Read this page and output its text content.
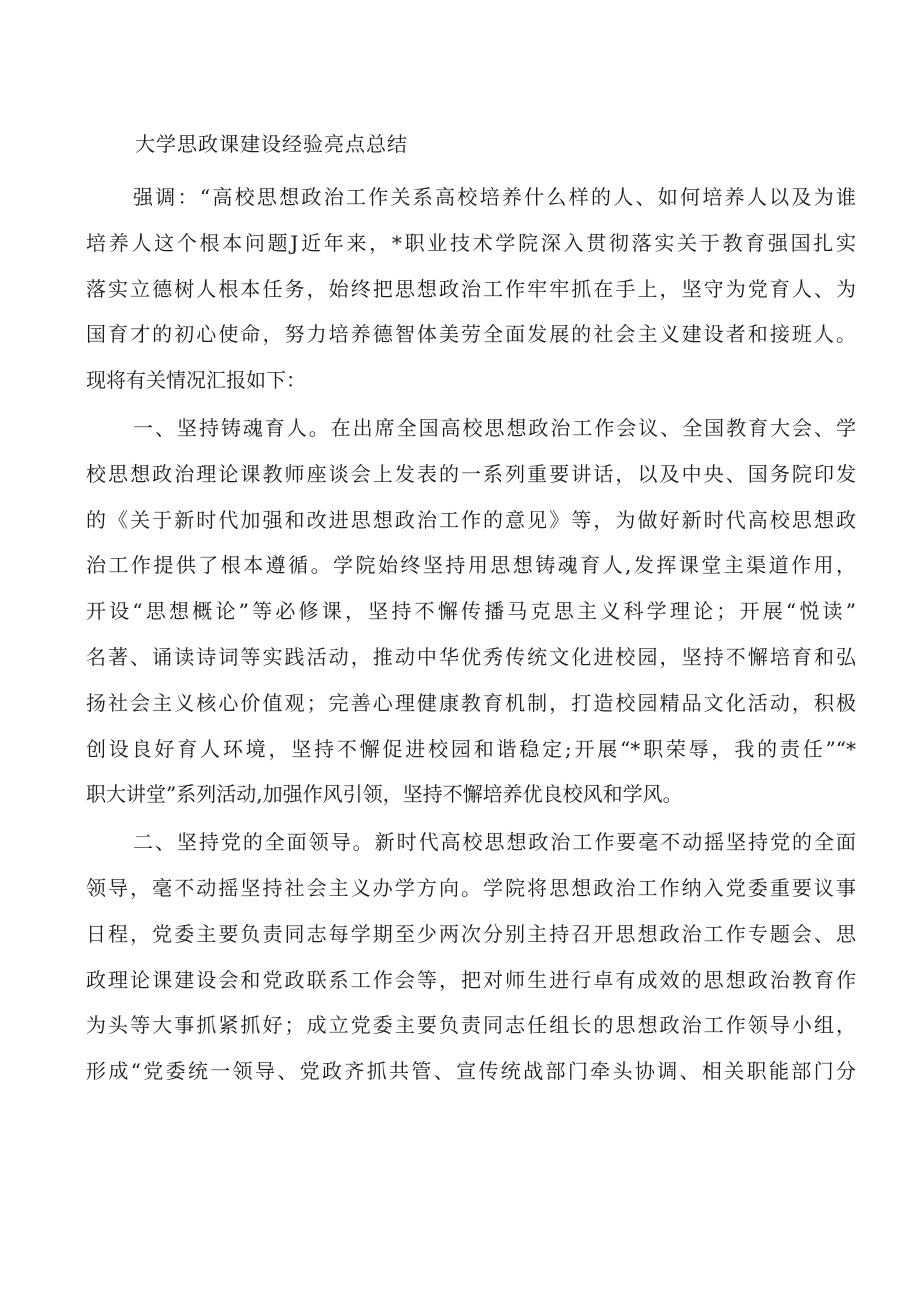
大学思政课建设经验亮点总结
强调：“高校思想政治工作关系高校培养什么样的人、如何培养人以及为谁
培养人这个根本问题J近年来，*职业技术学院深入贯彻落实关于教育强国扎实
落实立德树人根本任务，始终把思想政治工作牢牢抓在手上，坚守为党育人、为
国育才的初心使命，努力培养德智体美劳全面发展的社会主义建设者和接班人。
现将有关情况汇报如下：
一、坚持铸魂育人。在出席全国高校思想政治工作会议、全国教育大会、学
校思想政治理论课教师座谈会上发表的一系列重要讲话，以及中央、国务院印发
的《关于新时代加强和改进思想政治工作的意见》等，为做好新时代高校思想政
治工作提供了根本遵循。学院始终坚持用思想铸魂育人,发挥课堂主渠道作用，
开设“思想概论”等必修课，坚持不懈传播马克思主义科学理论；开展“悦读”
名著、诵读诗词等实践活动，推动中华优秀传统文化进校园，坚持不懈培育和弘
扬社会主义核心价值观；完善心理健康教育机制，打造校园精品文化活动，积极
创设良好育人环境，坚持不懈促进校园和谐稳定;开展“*职荣辱，我的责任”“*
职大讲堂”系列活动,加强作风引领，坚持不懈培养优良校风和学风。
二、坚持党的全面领导。新时代高校思想政治工作要毫不动摇坚持党的全面
领导，毫不动摇坚持社会主义办学方向。学院将思想政治工作纳入党委重要议事
日程，党委主要负责同志每学期至少两次分别主持召开思想政治工作专题会、思
政理论课建设会和党政联系工作会等，把对师生进行卓有成效的思想政治教育作
为头等大事抓紧抓好；成立党委主要负责同志任组长的思想政治工作领导小组，
形成“党委统一领导、党政齐抓共管、宣传统战部门牵头协调、相关职能部门分
